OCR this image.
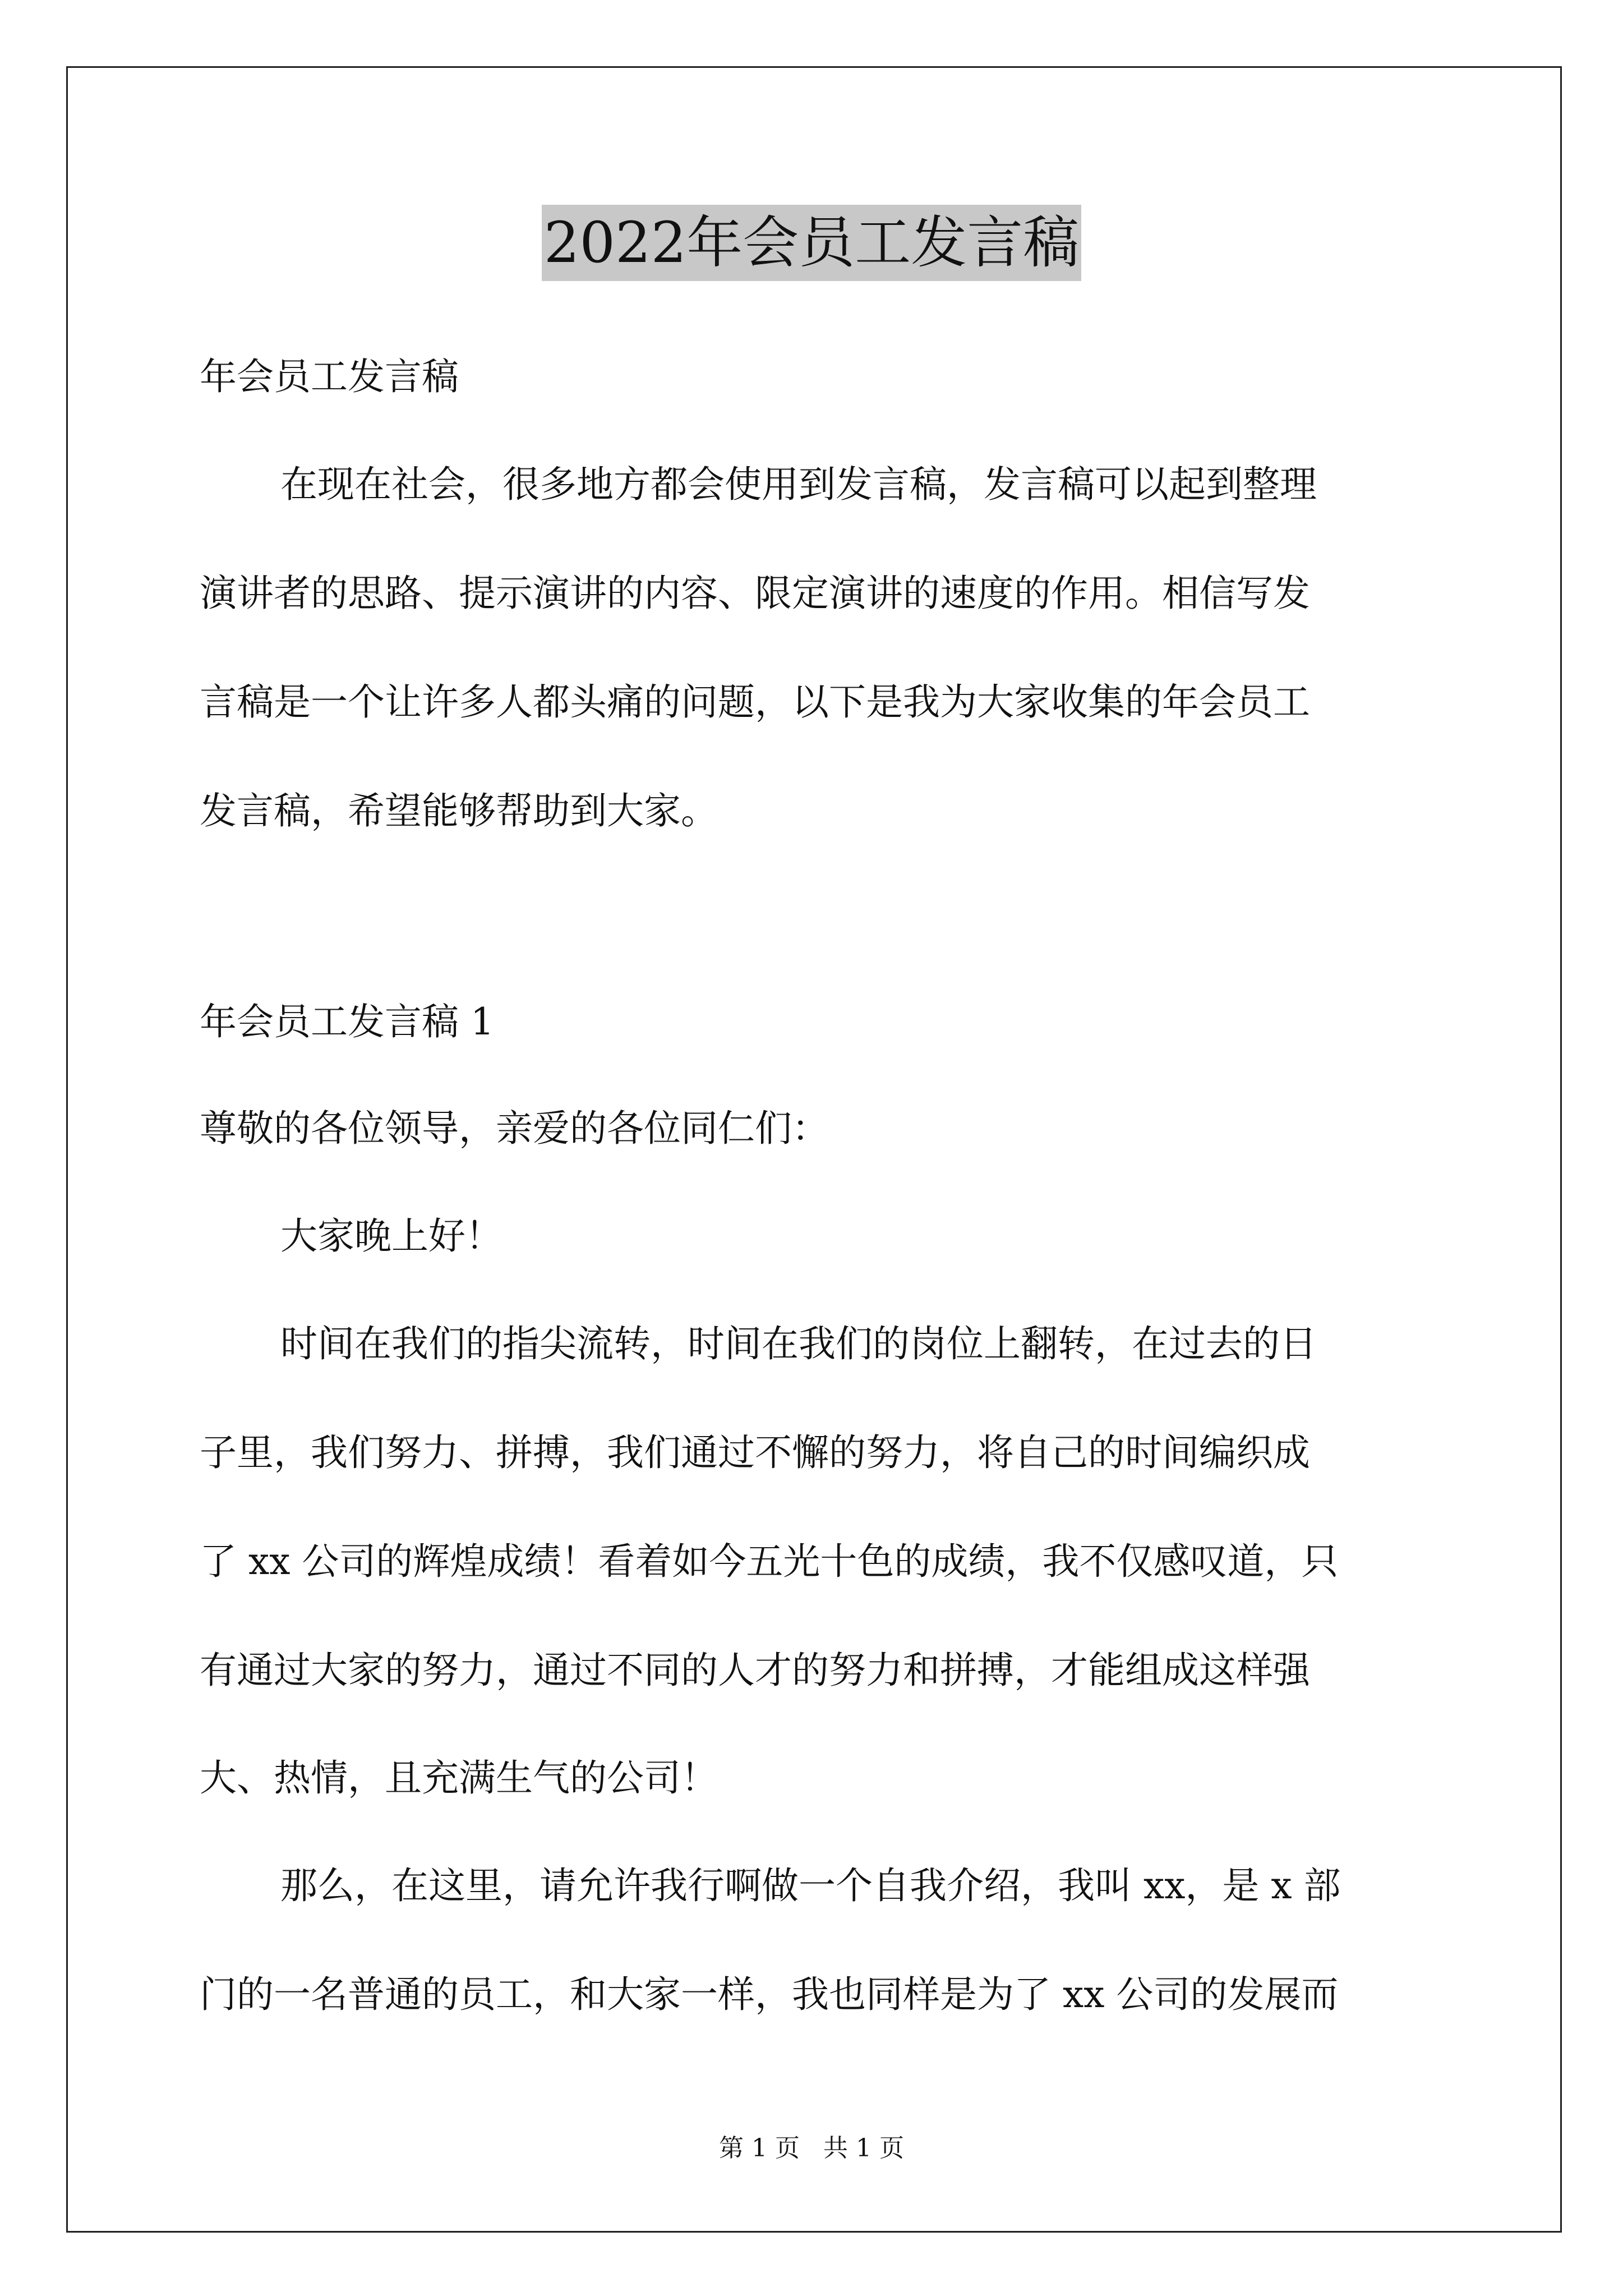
2022年会员工发言稿
年会员工发言稿
在现在社会，很多地方都会使用到发言稿，发言稿可以起到整理
演讲者的思路、提示演讲的内容、限定演讲的速度的作用。相信写发
言稿是一个让许多人都头痛的问题，以下是我为大家收集的年会员工
发言稿，希望能够帮助到大家。
年会员工发言稿 1
尊敬的各位领导，亲爱的各位同仁们：
大家晚上好！
时间在我们的指尖流转，时间在我们的岗位上翻转，在过去的日
子里，我们努力、拼搏，我们通过不懈的努力，将自己的时间编织成
了 xx 公司的辉煌成绩！看着如今五光十色的成绩，我不仅感叹道，只
有通过大家的努力，通过不同的人才的努力和拼搏，才能组成这样强
大、热情，且充满生气的公司！
那么，在这里，请允许我行啊做一个自我介绍，我叫 xx，是 x 部
门的一名普通的员工，和大家一样，我也同样是为了 xx 公司的发展而
第 1 页   共 1 页
